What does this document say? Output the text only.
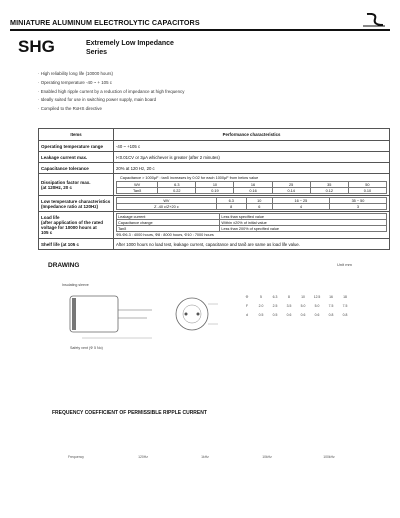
MINIATURE ALUMINUM ELECTROLYTIC CAPACITORS
SHG	Extremely Low Impedance
Series
· High reliability long life (10000 hours)
· Operating temperature -40 ~ + 105 c
· Enabled high ripple current by a reduction of impedance at high frequency
· Ideally suited for use in switching power supply, main board
· Compiled to the RoHS directive
Items	Performance characteristics
Operating temperature range	-40 ~ +105 c
Leakage current max.	I<0.01CV or 3μA whichever is greater (after 2 minutes)
Capacitance tolerance	20% at 120 Hz, 20 c

Dissipation factor max.
(at 120Hz, 20 c

Capacitance > 1000μF : tanδ increases by 0.02 for each 1000μF from below value
WV	6.3	10	16	25	35	50
Tanδ	0.22	0.19	0.16	0.14	0.12	0.10

Low temperature characteristics
(Impedance ratio at 120Hz)

WV	6.3	10	16 ~ 25	35 ~ 50
Z -40 c/Z+20 c	8	6	4	3

Load life
(after application of the rated
voltage for 10000 hours at
105 c

Leakage current	Less than specified value
Capacitance change	Within ±20% of initial value
Tanδ	Less than 200% of specified value
Φ5-Φ6.3 : 4000 hours, Φ8 : 8000 hours, Φ10 : 7000 hours

Shelf life (at 105 c	After 1000 hours no load test, leakage current, capacitance and tanδ are same as load life value.
DRAWING	Unit mm
Insulating sleeve
Safety vent (Φ 5 No)
Φ	5	6.3	8	10	12.5	16	18
F	2.0	2.5	3.5	5.0	5.0	7.5	7.5
d	0.5	0.5	0.6	0.6	0.6	0.8	0.8
FREQUENCY COEFFICIENT OF PERMISSIBLE RIPPLE CURRENT
Frequency	120Hz	1kHz	10kHz	100kHz
